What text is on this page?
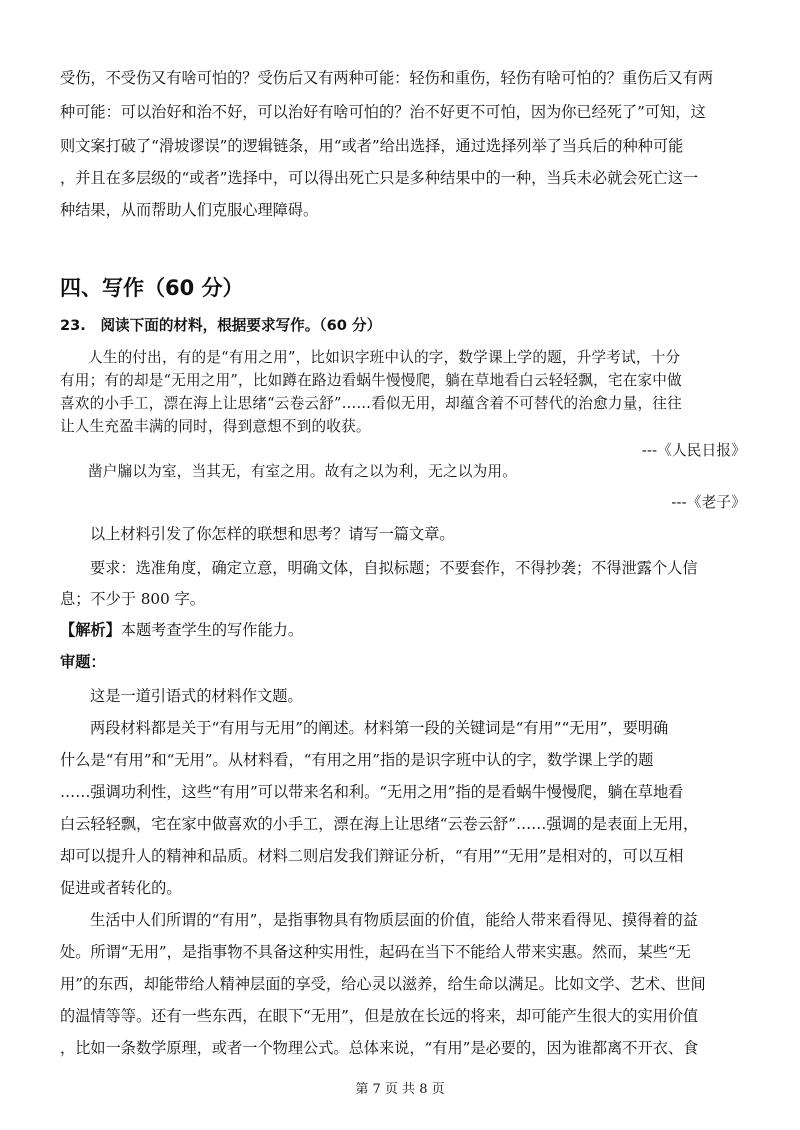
受伤，不受伤又有啥可怕的？受伤后又有两种可能：轻伤和重伤，轻伤有啥可怕的？重伤后又有两
种可能：可以治好和治不好，可以治好有啥可怕的？治不好更不可怕，因为你已经死了”可知，这
则文案打破了“滑坡谬误”的逻辑链条，用“或者”给出选择，通过选择列举了当兵后的种种可能
，并且在多层级的“或者”选择中，可以得出死亡只是多种结果中的一种，当兵未必就会死亡这一
种结果，从而帮助人们克服心理障碍。
四、写作（60 分）
23.　阅读下面的材料，根据要求写作。（60 分）
人生的付出，有的是“有用之用”，比如识字班中认的字，数学课上学的题，升学考试，十分
有用；有的却是“无用之用”，比如蹲在路边看蜗牛慢慢爬，躺在草地看白云轻轻飘，宅在家中做
喜欢的小手工，漂在海上让思绪“云卷云舒”……看似无用，却蕴含着不可替代的治愈力量，往往
让人生充盈丰满的同时，得到意想不到的收获。
---《人民日报》
凿户牖以为室，当其无，有室之用。故有之以为利，无之以为用。
---《老子》
以上材料引发了你怎样的联想和思考？请写一篇文章。
要求：选准角度，确定立意，明确文体，自拟标题；不要套作，不得抄袭；不得泄露个人信
息；不少于 800 字。
【解析】本题考查学生的写作能力。
审题：
这是一道引语式的材料作文题。
两段材料都是关于“有用与无用”的阐述。材料第一段的关键词是“有用”“无用”，要明确
什么是“有用”和“无用”。从材料看，“有用之用”指的是识字班中认的字，数学课上学的题
……强调功利性，这些“有用”可以带来名和利。“无用之用”指的是看蜗牛慢慢爬，躺在草地看
白云轻轻飘，宅在家中做喜欢的小手工，漂在海上让思绪“云卷云舒”……强调的是表面上无用，
却可以提升人的精神和品质。材料二则启发我们辩证分析，“有用”“无用”是相对的，可以互相
促进或者转化的。
生活中人们所谓的“有用”，是指事物具有物质层面的价值，能给人带来看得见、摸得着的益
处。所谓“无用”，是指事物不具备这种实用性，起码在当下不能给人带来实惠。然而，某些“无
用”的东西，却能带给人精神层面的享受，给心灵以滋养，给生命以满足。比如文学、艺术、世间
的温情等等。还有一些东西，在眼下“无用”，但是放在长远的将来，却可能产生很大的实用价值
，比如一条数学原理，或者一个物理公式。总体来说，“有用”是必要的，因为谁都离不开衣、食
第 7 页 共 8 页
